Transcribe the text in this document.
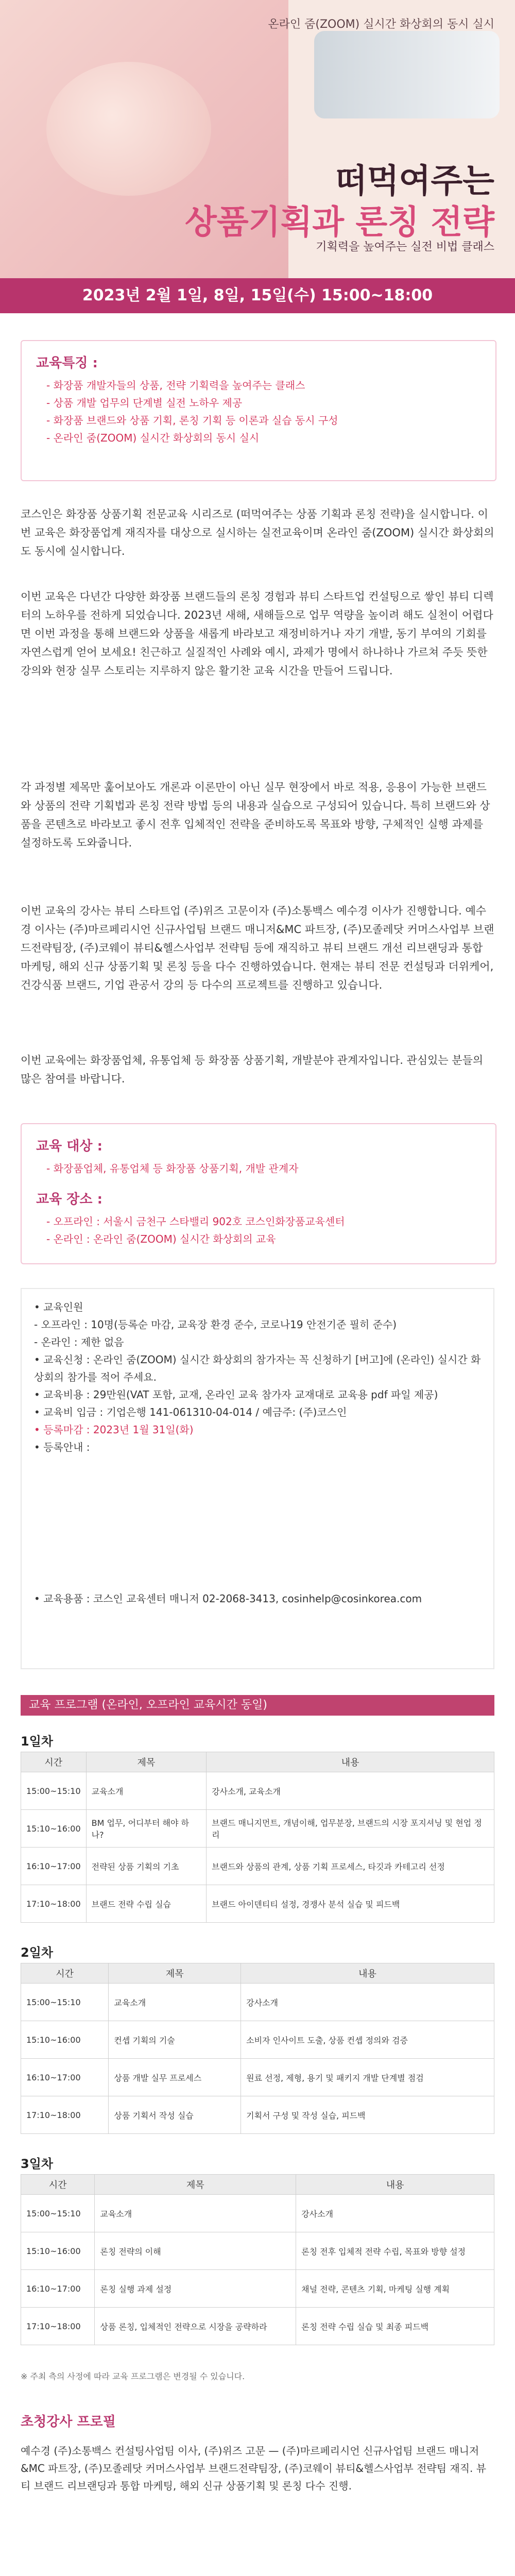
온라인 줌(ZOOM) 실시간 화상회의 동시 실시
떠먹여주는
상품기획과 론칭 전략
기획력을 높여주는 실전 비법 클래스
2023년 2월 1일, 8일, 15일(수) 15:00~18:00
교육특징 :
- 화장품 개발자들의 상품, 전략 기획력을 높여주는 클래스
- 상품 개발 업무의 단계별 실전 노하우 제공
- 화장품 브랜드와 상품 기획, 론칭 기획 등 이론과 실습 동시 구성
- 온라인 줌(ZOOM) 실시간 화상회의 동시 실시
코스인은 화장품 상품기획 전문교육 시리즈로 (떠먹여주는 상품 기획과 론칭 전략)을 실시합니다. 이번 교육은 화장품업계 재직자를 대상으로 실시하는 실전교육이며 온라인 줌(ZOOM) 실시간 화상회의도 동시에 실시합니다.
이번 교육은 다년간 다양한 화장품 브랜드들의 론칭 경험과 뷰티 스타트업 컨설팅으로 쌓인 뷰티 디렉터의 노하우를 전하게 되었습니다. 2023년 새해, 새해들으로 업무 역량을 높이려 해도 실천이 어렵다면 이번 과정을 통해 브랜드와 상품을 새롭게 바라보고 재정비하거나 자기 개발, 동기 부여의 기회를 자연스럽게 얻어 보세요! 친근하고 실질적인 사례와 예시, 과제가 명에서 하나하나 가르쳐 주듯 뜻한 강의와 현장 실무 스토리는 지루하지 않은 활기찬 교육 시간을 만들어 드립니다.
각 과정별 제목만 훑어보아도 개론과 이론만이 아닌 실무 현장에서 바로 적용, 응용이 가능한 브랜드와 상품의 전략 기획법과 론칭 전략 방법 등의 내용과 실습으로 구성되어 있습니다. 특히 브랜드와 상품을 콘텐츠로 바라보고 좋시 전후 입체적인 전략을 준비하도록 목표와 방향, 구체적인 실행 과제를 설정하도록 도와줍니다.
이번 교육의 강사는 뷰티 스타트업 (주)위즈 고문이자 (주)소통백스 예수경 이사가 진행합니다. 예수경 이사는 (주)마르페리시언 신규사업팀 브랜드 매니저&MC 파트장, (주)모졸레닷 커머스사업부 브랜드전략팀장, (주)코웨이 뷰티&헬스사업부 전략팀 등에 재직하고 뷰티 브랜드 개선 리브랜딩과 통합 마케팅, 해외 신규 상품기획 및 론칭 등을 다수 진행하였습니다. 현재는 뷰티 전문 컨설팅과 더위케어, 건강식품 브랜드, 기업 관공서 강의 등 다수의 프로젝트를 진행하고 있습니다.
이번 교육에는 화장품업체, 유통업체 등 화장품 상품기획, 개발분야 관계자입니다. 관심있는 분들의 많은 참여를 바랍니다.
교육 대상 :
- 화장품업체, 유통업체 등 화장품 상품기획, 개발 관계자
교육 장소 :
- 오프라인 : 서울시 금천구 스타밸리 902호 코스인화장품교육센터
- 온라인 : 온라인 줌(ZOOM) 실시간 화상회의 교육
• 교육인원
- 오프라인 : 10명(등록순 마감, 교육장 환경 준수, 코로나19 안전기준 필히 준수)
- 온라인 : 제한 없음
• 교육신청 : 온라인 줌(ZOOM) 실시간 화상회의 참가자는 꼭 신청하기 [버고]에 (온라인) 실시간 화상회의 참가를 적어 주세요.
• 교육비용 : 29만원(VAT 포함, 교재, 온라인 교육 참가자 교재대로 교육용 pdf 파일 제공)
• 교육비 입금 : 기업은행 141-061310-04-014 / 예금주: (주)코스인
• 등록마감 : 2023년 1월 31일(화)
• 등록안내 :
• 교육용품 : 코스인 교육센터 매니저 02-2068-3413, cosinhelp@cosinkorea.com
교육 프로그램 (온라인, 오프라인 교육시간 동일)
1일차
시간	제목	내용
15:00~15:10	교육소개	강사소개, 교육소개
15:10~16:00	BM 업무, 어디부터 해야 하나?	브랜드 매니지먼트, 개념이해, 업무분장, 브랜드의 시장 포지셔닝 및 현업 정리
16:10~17:00	전략된 상품 기획의 기초	브랜드와 상품의 관계, 상품 기획 프로세스, 타깃과 카테고리 선정
17:10~18:00	브랜드 전략 수립 실습	브랜드 아이덴티티 설정, 경쟁사 분석 실습 및 피드백
2일차
시간	제목	내용
15:00~15:10	교육소개	강사소개
15:10~16:00	컨셉 기획의 기술	소비자 인사이트 도출, 상품 컨셉 정의와 검증
16:10~17:00	상품 개발 실무 프로세스	원료 선정, 제형, 용기 및 패키지 개발 단계별 점검
17:10~18:00	상품 기획서 작성 실습	기획서 구성 및 작성 실습, 피드백
3일차
시간	제목	내용
15:00~15:10	교육소개	강사소개
15:10~16:00	론칭 전략의 이해	론칭 전후 입체적 전략 수립, 목표와 방향 설정
16:10~17:00	론칭 실행 과제 설정	채널 전략, 콘텐츠 기획, 마케팅 실행 계획
17:10~18:00	상품 론칭, 입체적인 전략으로 시장을 공략하라	론칭 전략 수립 실습 및 최종 피드백
※ 주최 측의 사정에 따라 교육 프로그램은 변경될 수 있습니다.
초청강사 프로필
예수경 (주)소통백스 컨설팅사업팀 이사, (주)위즈 고문 — (주)마르페리시언 신규사업팀 브랜드 매니저&MC 파트장, (주)모졸레닷 커머스사업부 브랜드전략팀장, (주)코웨이 뷰티&헬스사업부 전략팀 재직. 뷰티 브랜드 리브랜딩과 통합 마케팅, 해외 신규 상품기획 및 론칭 다수 진행.
